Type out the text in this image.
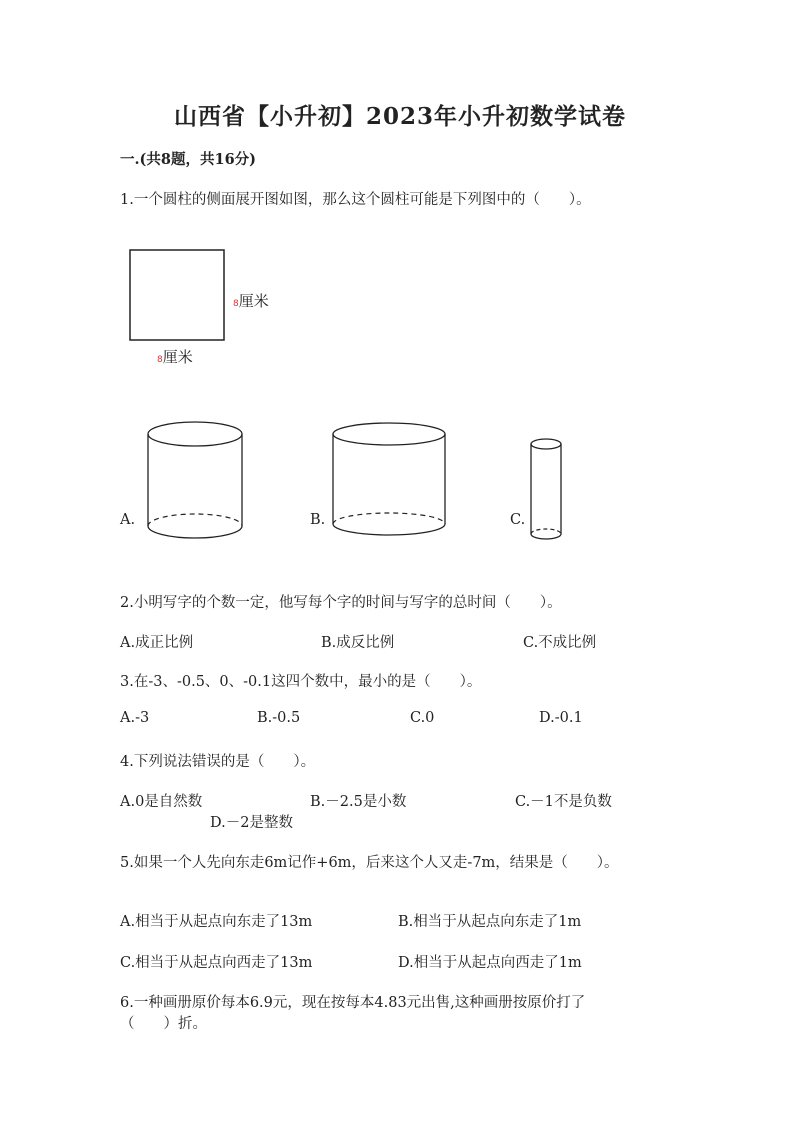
山西省【小升初】2023年小升初数学试卷
一.(共8题，共16分)
1.一个圆柱的侧面展开图如图，那么这个圆柱可能是下列图中的（　　）。
8厘米
8厘米
A.	B.	C.
2.小明写字的个数一定，他写每个字的时间与写字的总时间（　　）。
A.成正比例	B.成反比例	C.不成比例
3.在-3、-0.5、0、-0.1这四个数中，最小的是（　　）。
A.-3	B.-0.5	C.0	D.-0.1
4.下列说法错误的是（　　）。
A.0是自然数	B.－2.5是小数	C.－1不是负数
D.－2是整数
5.如果一个人先向东走6m记作+6m，后来这个人又走-7m，结果是（　　）。
A.相当于从起点向东走了13m	B.相当于从起点向东走了1m
C.相当于从起点向西走了13m	D.相当于从起点向西走了1m
6.一种画册原价每本6.9元，现在按每本4.83元出售,这种画册按原价打了
（　　）折。
